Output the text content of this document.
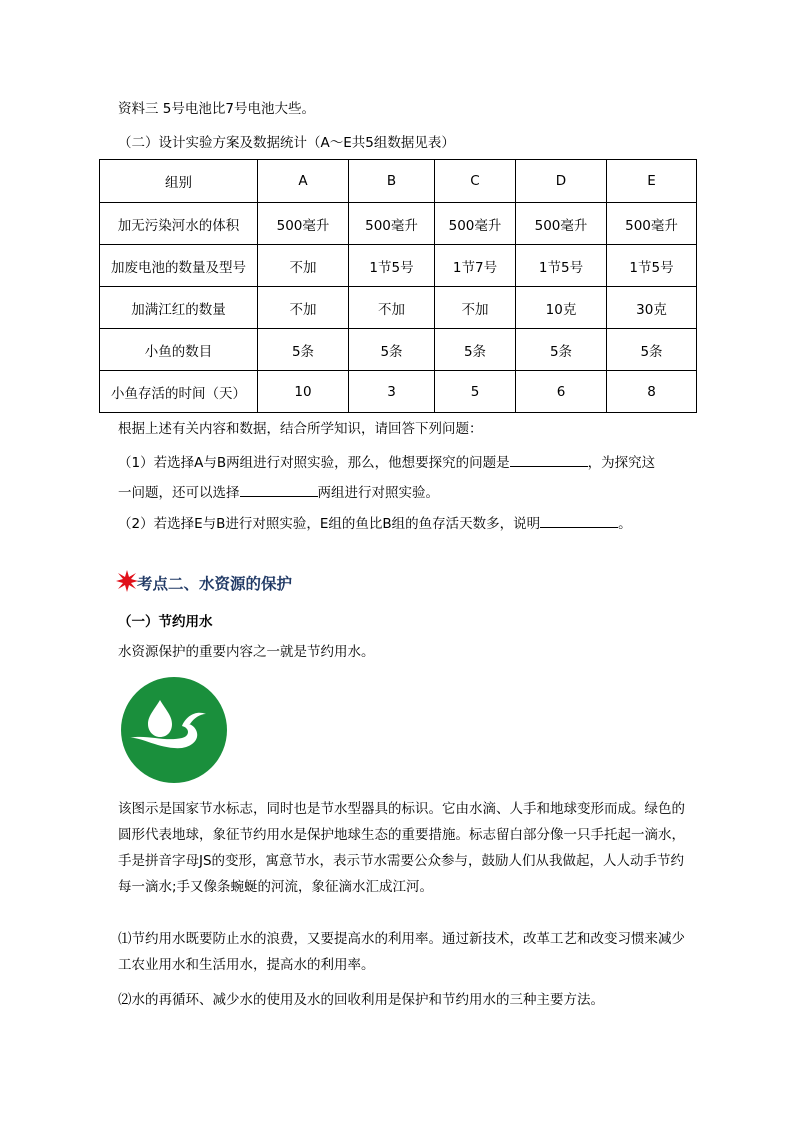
资料三 5号电池比7号电池大些。
（二）设计实验方案及数据统计（A～E共5组数据见表）
组别	A	B	C	D	E
加无污染河水的体积	500毫升	500毫升	500毫升	500毫升	500毫升
加废电池的数量及型号	不加	1节5号	1节7号	1节5号	1节5号
加满江红的数量	不加	不加	不加	10克	30克
小鱼的数目	5条	5条	5条	5条	5条
小鱼存活的时间（天）	10	3	5	6	8
根据上述有关内容和数据，结合所学知识，请回答下列问题：
（1）若选择A与B两组进行对照实验，那么，他想要探究的问题是	，为探究这
一问题，还可以选择	两组进行对照实验。
（2）若选择E与B进行对照实验，E组的鱼比B组的鱼存活天数多，说明	。
考点二、水资源的保护
（一）节约用水
水资源保护的重要内容之一就是节约用水。
该图示是国家节水标志，同时也是节水型器具的标识。它由水滴、人手和地球变形而成。绿色的圆形代表地球，象征节约用水是保护地球生态的重要措施。标志留白部分像一只手托起一滴水，手是拼音字母JS的变形，寓意节水，表示节水需要公众参与，鼓励人们从我做起，人人动手节约每一滴水;手又像条蜿蜒的河流，象征滴水汇成江河。
⑴节约用水既要防止水的浪费，又要提高水的利用率。通过新技术，改革工艺和改变习惯来减少工农业用水和生活用水，提高水的利用率。
⑵水的再循环、减少水的使用及水的回收利用是保护和节约用水的三种主要方法。
